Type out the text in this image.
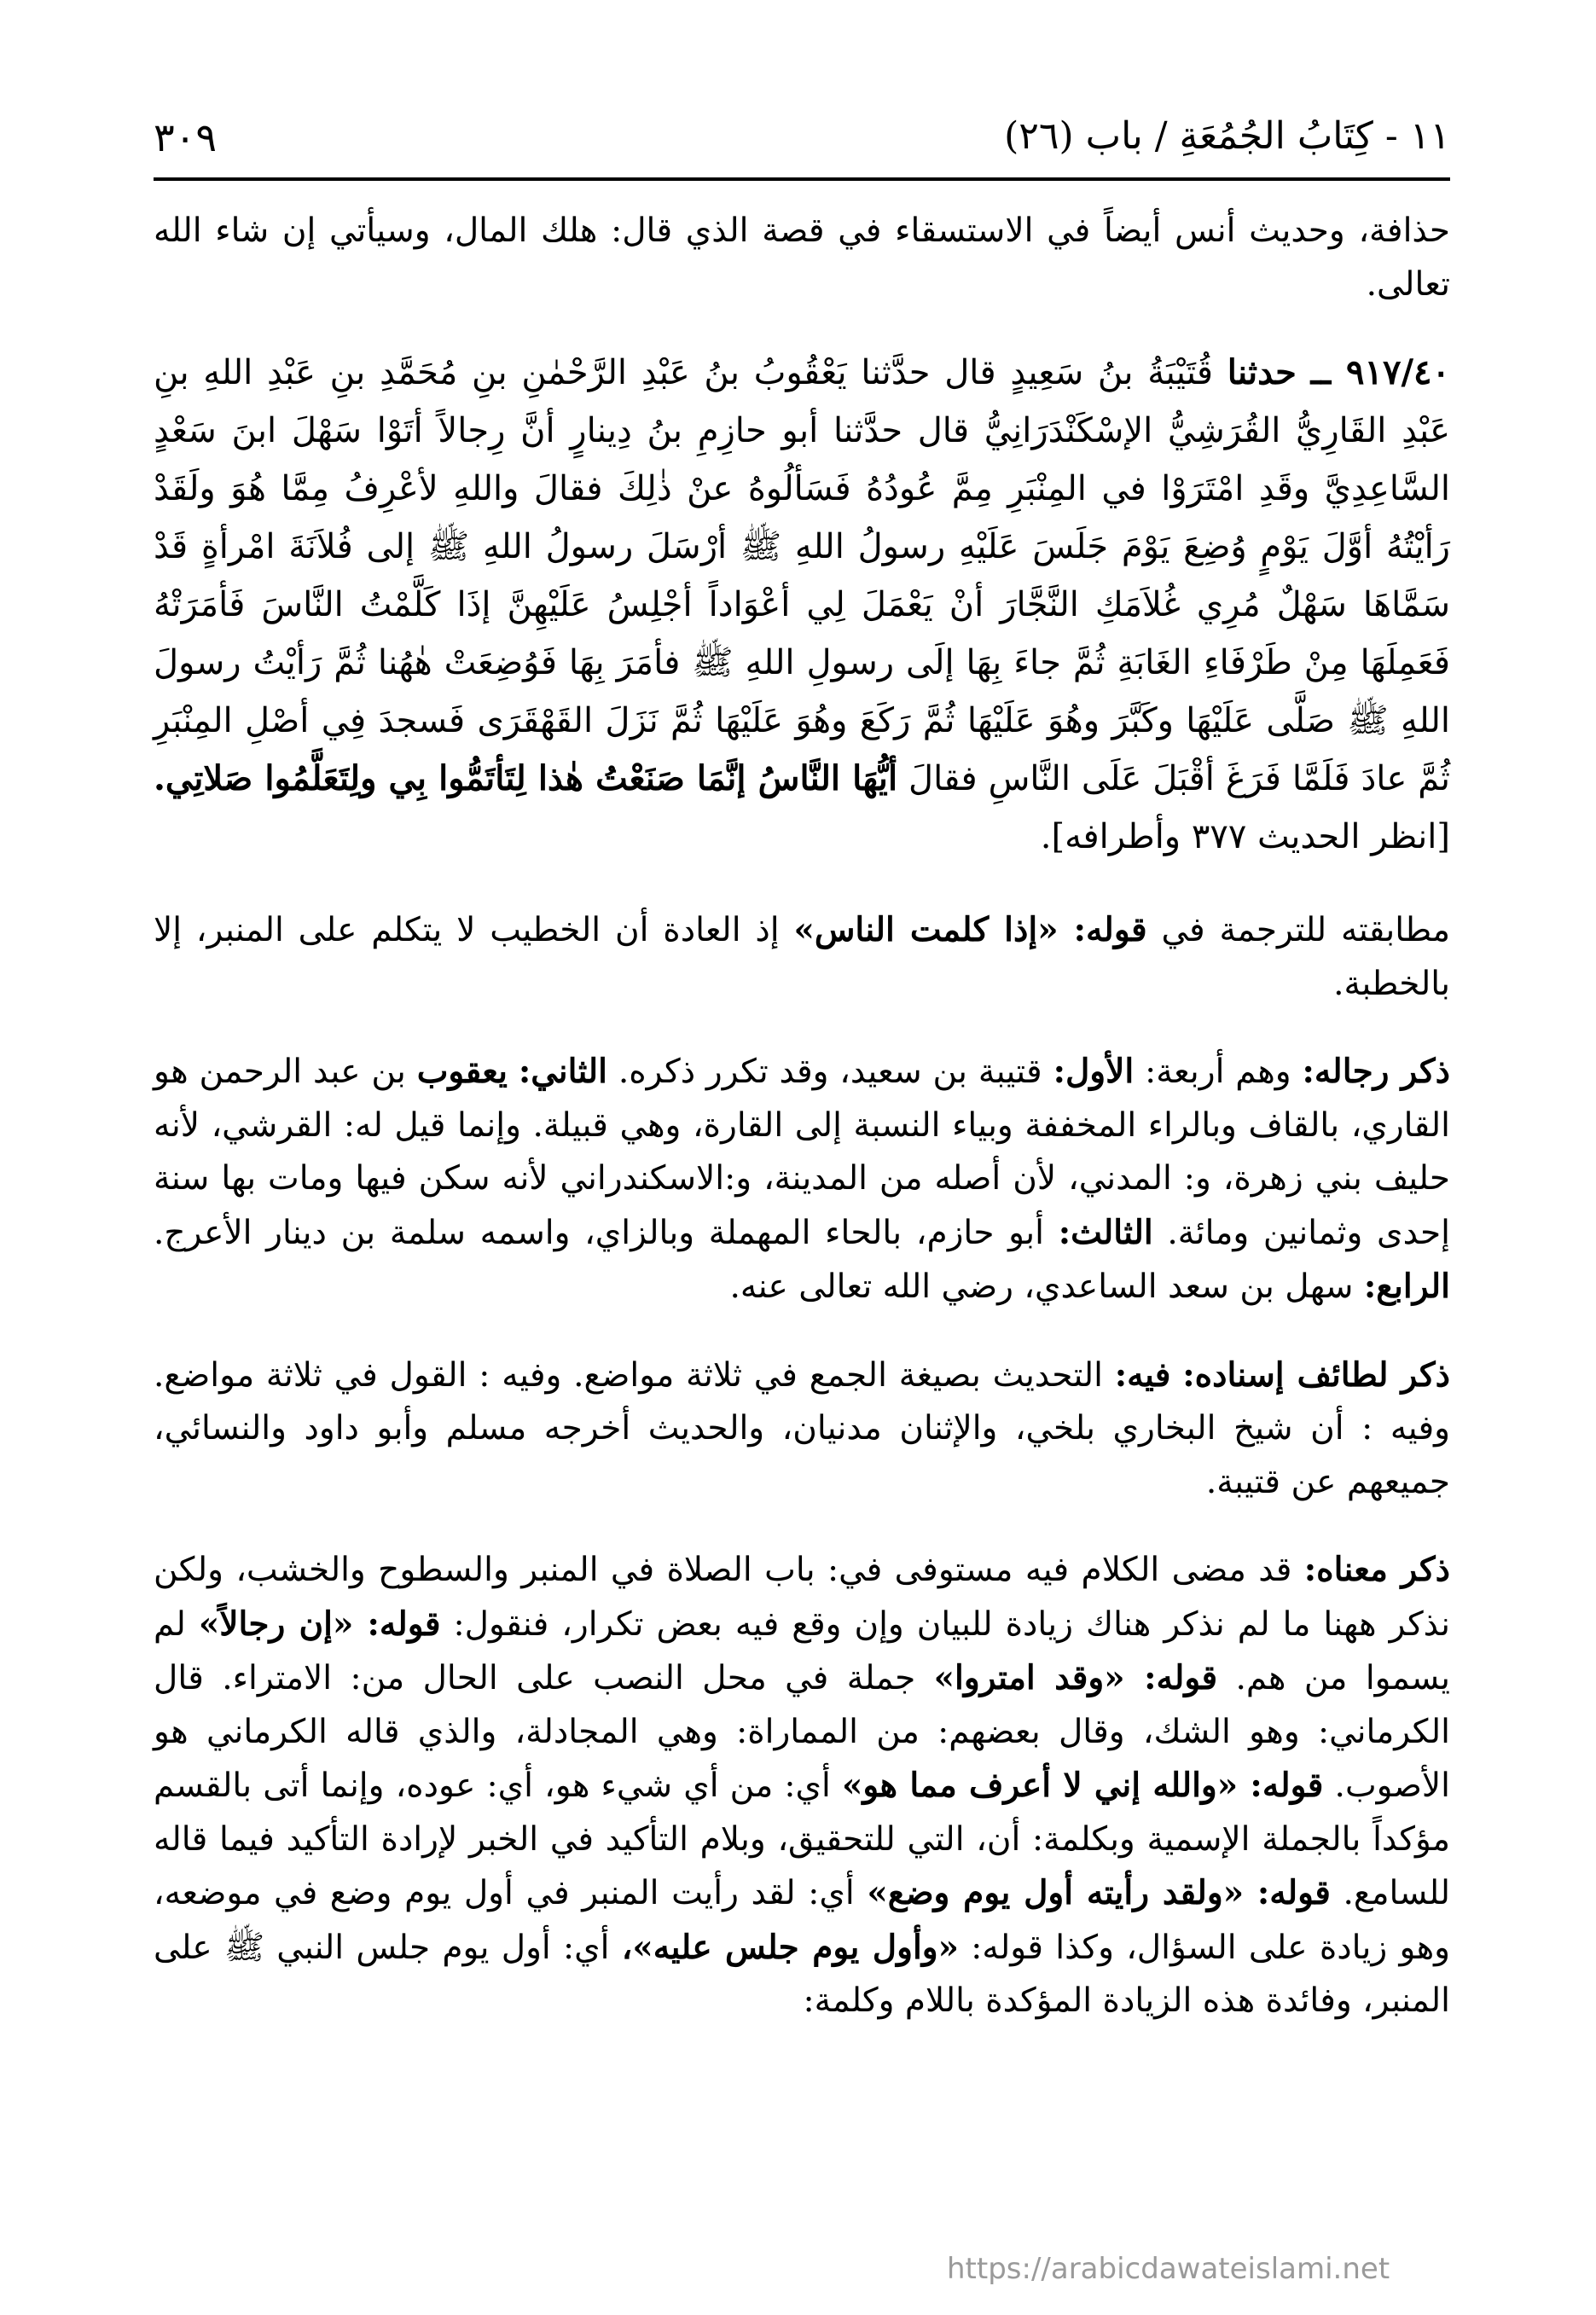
٣٠٩	١١ - كِتَابُ الجُمُعَةِ / باب (٢٦)

حذافة، وحديث أنس أيضاً في الاستسقاء في قصة الذي قال: هلك المال، وسيأتي إن شاء الله تعالى.

٩١٧/٤٠ ــ حدثنا قُتَيْبَةُ بنُ سَعِيدٍ قال حدَّثنا يَعْقُوبُ بنُ عَبْدِ الرَّحْمٰنِ بنِ مُحَمَّدِ بنِ عَبْدِ اللهِ بنِ عَبْدِ القَارِيُّ القُرَشِيُّ الإسْكَنْدَرَانِيُّ قال حدَّثنا أبو حازِمِ بنُ دِينارٍ أنَّ رِجالاً أتَوْا سَهْلَ ابنَ سَعْدٍ السَّاعِدِيَّ وقَدِ امْتَرَوْا في المِنْبَرِ مِمَّ عُودُهُ فَسَألُوهُ عنْ ذٰلِكَ فقالَ واللهِ لأعْرِفُ مِمَّا هُوَ ولَقَدْ رَأيْتُهُ أوَّلَ يَوْمٍ وُضِعَ يَوْمَ جَلَسَ عَلَيْهِ رسولُ اللهِ ﷺ أرْسَلَ رسولُ اللهِ ﷺ إلى فُلاَنَةَ امْرأةٍ قَدْ سَمَّاهَا سَهْلٌ مُرِي غُلاَمَكِ النَّجَّارَ أنْ يَعْمَلَ لِي أعْوَاداً أجْلِسُ عَلَيْهِنَّ إذَا كَلَّمْتُ النَّاسَ فَأمَرَتْهُ فَعَمِلَهَا مِنْ طَرْفَاءِ الغَابَةِ ثُمَّ جاءَ بِهَا إلَى رسولِ اللهِ ﷺ فأمَرَ بِهَا فَوُضِعَتْ هٰهُنا ثُمَّ رَأيْتُ رسولَ اللهِ ﷺ صَلَّى عَلَيْهَا وكَبَّرَ وهُوَ عَلَيْهَا ثُمَّ رَكَعَ وهُوَ عَلَيْهَا ثُمَّ نَزَلَ القَهْقَرَى فَسجدَ فِي أصْلِ المِنْبَرِ ثُمَّ عادَ فَلَمَّا فَرَغَ أقْبَلَ عَلَى النَّاسِ فقالَ أيُّهَا النَّاسُ إنَّمَا صَنَعْتُ هٰذا لِتَأتَمُّوا بِي ولِتَعَلَّمُوا صَلاتِي. [انظر الحديث ٣٧٧ وأطرافه].

مطابقته للترجمة في قوله: «إذا كلمت الناس» إذ العادة أن الخطيب لا يتكلم على المنبر، إلا بالخطبة.

ذكر رجاله: وهم أربعة: الأول: قتيبة بن سعيد، وقد تكرر ذكره. الثاني: يعقوب بن عبد الرحمن هو القاري، بالقاف وبالراء المخففة وبياء النسبة إلى القارة، وهي قبيلة. وإنما قيل له: القرشي، لأنه حليف بني زهرة، و: المدني، لأن أصله من المدينة، و:الاسكندراني لأنه سكن فيها ومات بها سنة إحدى وثمانين ومائة. الثالث: أبو حازم، بالحاء المهملة وبالزاي، واسمه سلمة بن دينار الأعرج. الرابع: سهل بن سعد الساعدي، رضي الله تعالى عنه.

ذكر لطائف إسناده: فيه: التحديث بصيغة الجمع في ثلاثة مواضع. وفيه : القول في ثلاثة مواضع. وفيه : أن شيخ البخاري بلخي، والإثنان مدنيان، والحديث أخرجه مسلم وأبو داود والنسائي، جميعهم عن قتيبة.

ذكر معناه: قد مضى الكلام فيه مستوفى في: باب الصلاة في المنبر والسطوح والخشب، ولكن نذكر ههنا ما لم نذكر هناك زيادة للبيان وإن وقع فيه بعض تكرار، فنقول: قوله: «إن رجالاً» لم يسموا من هم. قوله: «وقد امتروا» جملة في محل النصب على الحال من: الامتراء. قال الكرماني: وهو الشك، وقال بعضهم: من المماراة: وهي المجادلة، والذي قاله الكرماني هو الأصوب. قوله: «والله إني لا أعرف مما هو» أي: من أي شيء هو، أي: عوده، وإنما أتى بالقسم مؤكداً بالجملة الإسمية وبكلمة: أن، التي للتحقيق، وبلام التأكيد في الخبر لإرادة التأكيد فيما قاله للسامع. قوله: «ولقد رأيته أول يوم وضع» أي: لقد رأيت المنبر في أول يوم وضع في موضعه، وهو زيادة على السؤال، وكذا قوله: «وأول يوم جلس عليه»، أي: أول يوم جلس النبي ﷺ على المنبر، وفائدة هذه الزيادة المؤكدة باللام وكلمة:

https://arabicdawateislami.net
